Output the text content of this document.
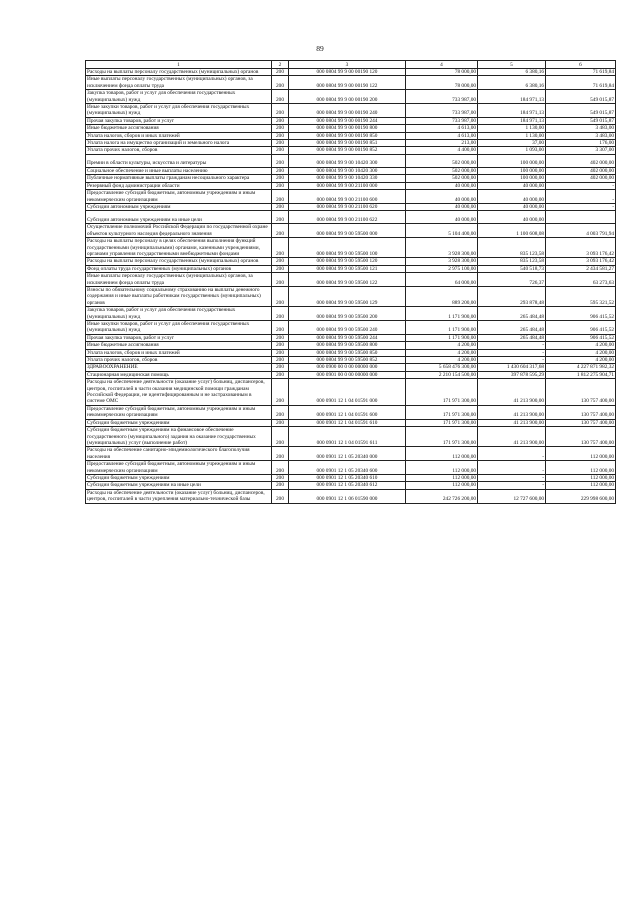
89
1	2	3	4	5	6
Расходы на выплаты персоналу государственных (муниципальных) органов	200	000 0804 99 9 00 00190 120	78 000,00	6 380,16	71 619,84
Иные выплаты персоналу государственных (муниципальных) органов, за исключением фонда оплаты труда	200	000 0804 99 9 00 00190 122	78 000,00	6 380,16	71 619,84
Закупка товаров, работ и услуг для обеспечения государственных (муниципальных) нужд	200	000 0804 99 9 00 00190 200	733 987,00	184 971,13	549 015,87
Иные закупки товаров, работ и услуг для обеспечения государственных (муниципальных) нужд	200	000 0804 99 9 00 00190 240	733 987,00	184 971,13	549 015,87
Прочая закупка товаров, работ и услуг	200	000 0804 99 9 00 00190 244	733 987,00	184 971,13	549 015,87
Иные бюджетные ассигнования	200	000 0804 99 9 00 00190 800	4 613,00	1 130,00	3 483,00
Уплата налогов, сборов и иных платежей	200	000 0804 99 9 00 00190 850	4 613,00	1 130,00	3 483,00
Уплата налога на имущество организаций и земельного налога	200	000 0804 99 9 00 00190 851	213,00	37,00	176,00
Уплата прочих налогов, сборов	200	000 0804 99 9 00 00190 852	4 400,00	1 093,00	3 307,00
Премии в области культуры, искусства и литературы	200	000 0804 99 9 00 10420 300	502 000,00	100 000,00	402 000,00
Социальное обеспечение и иные выплаты населению	200	000 0804 99 9 00 10420 300	502 000,00	100 000,00	402 000,00
Публичные нормативные выплаты гражданам несоциального характера	200	000 0804 99 9 00 10420 330	502 000,00	100 000,00	402 000,00
Резервный фонд администрации области	200	000 0804 99 9 00 21100 000	40 000,00	40 000,00	-
Предоставление субсидий бюджетным, автономным учреждениям и иным некоммерческим организациям	200	000 0804 99 9 00 21100 600	40 000,00	40 000,00	-
Субсидии автономным учреждениям	200	000 0804 99 9 00 21100 620	40 000,00	40 000,00	-
Субсидии автономным учреждениям на иные цели	200	000 0804 99 9 00 21100 622	40 000,00	40 000,00	
Осуществление полномочий Российской Федерации по государственной охране объектов культурного наследия федерального значения	200	000 0804 99 9 00 59500 000	5 104 400,00	1 100 608,08	4 003 791,94
Расходы на выплаты персоналу в целях обеспечения выполнения функций государственными (муниципальными) органами, казенными учреждениями, органами управления государственными внебюджетными фондами	200	000 0804 99 9 00 59500 100	3 928 300,00	835 123,58	3 093 176,42
Расходы на выплаты персоналу государственных (муниципальных) органов	200	000 0804 99 9 00 59500 120	3 928 300,00	835 123,58	3 093 176,42
Фонд оплаты труда государственных (муниципальных) органов	200	000 0804 99 9 00 59500 121	2 975 100,00	540 518,73	2 434 581,27
Иные выплаты персоналу государственных (муниципальных) органов, за исключением фонда оплаты труда	200	000 0804 99 9 00 59500 122	64 000,00	726,37	63 273,63
Взносы по обязательному социальному страхованию на выплаты денежного содержания и иные выплаты работникам государственных (муниципальных) органов	200	000 0804 99 9 00 59500 129	889 200,00	293 878,48	595 321,52
Закупка товаров, работ и услуг для обеспечения государственных (муниципальных) нужд	200	000 0804 99 9 00 59500 200	1 171 900,00	265 484,48	906 415,52
Иные закупки товаров, работ и услуг для обеспечения государственных (муниципальных) нужд	200	000 0804 99 9 00 59500 240	1 171 900,00	265 484,48	906 415,52
Прочая закупка товаров, работ и услуг	200	000 0804 99 9 00 59500 244	1 171 900,00	265 484,48	906 415,52
Иные бюджетные ассигнования	200	000 0804 99 9 00 59500 800	4 200,00	-	4 200,00
Уплата налогов, сборов и иных платежей	200	000 0804 99 9 00 59500 850	4 200,00	-	4 200,00
Уплата прочих налогов, сборов	200	000 0804 99 9 00 59500 852	4 200,00	-	4 200,00
ЗДРАВООХРАНЕНИЕ	200	000 0900 00 0 00 00000 000	5 658 476 300,00	1 430 604 317,68	4 227 871 982,32
Стационарная медицинская помощь	200	000 0901 00 0 00 00000 000	2 210 154 500,00	397 878 595,29	1 812 275 904,71
Расходы на обеспечение деятельности (оказание услуг) больниц, диспансеров, центров, госпиталей в части оказания медицинской помощи гражданам Российской Федерации, не идентифицированным и не застрахованным в системе ОМС	200	000 0901 12 1 04 01591 000	171 971 300,00	41 213 900,00	130 757 400,00
Предоставление субсидий бюджетным, автономным учреждениям и иным некоммерческим организациям	200	000 0901 12 1 04 01591 600	171 971 300,00	41 213 900,00	130 757 400,00
Субсидии бюджетным учреждениям	200	000 0901 12 1 04 01591 610	171 971 300,00	41 213 900,00	130 757 400,00
Субсидии бюджетным учреждениям на финансовое обеспечение государственного (муниципального) задания на оказание государственных (муниципальных) услуг (выполнение работ)	200	000 0901 12 1 04 01591 611	171 971 300,00	41 213 900,00	130 757 400,00
Расходы на обеспечение санитарно-эпидемиологического благополучия населения	200	000 0901 12 1 05 20340 000	112 000,00	-	112 000,00
Предоставление субсидий бюджетным, автономным учреждениям и иным некоммерческим организациям	200	000 0901 12 1 05 20340 600	112 000,00	-	112 000,00
Субсидии бюджетным учреждениям	200	000 0901 12 1 05 20340 610	112 000,00	-	112 000,00
Субсидии бюджетным учреждениям на иные цели	200	000 0901 12 1 05 20340 612	112 000,00	-	112 000,00
Расходы на обеспечение деятельности (оказание услуг) больниц, диспансеров, центров, госпиталей в части укрепления материально-технической базы	200	000 0901 12 1 06 01590 000	242 726 200,00	12 727 600,00	229 998 600,00
